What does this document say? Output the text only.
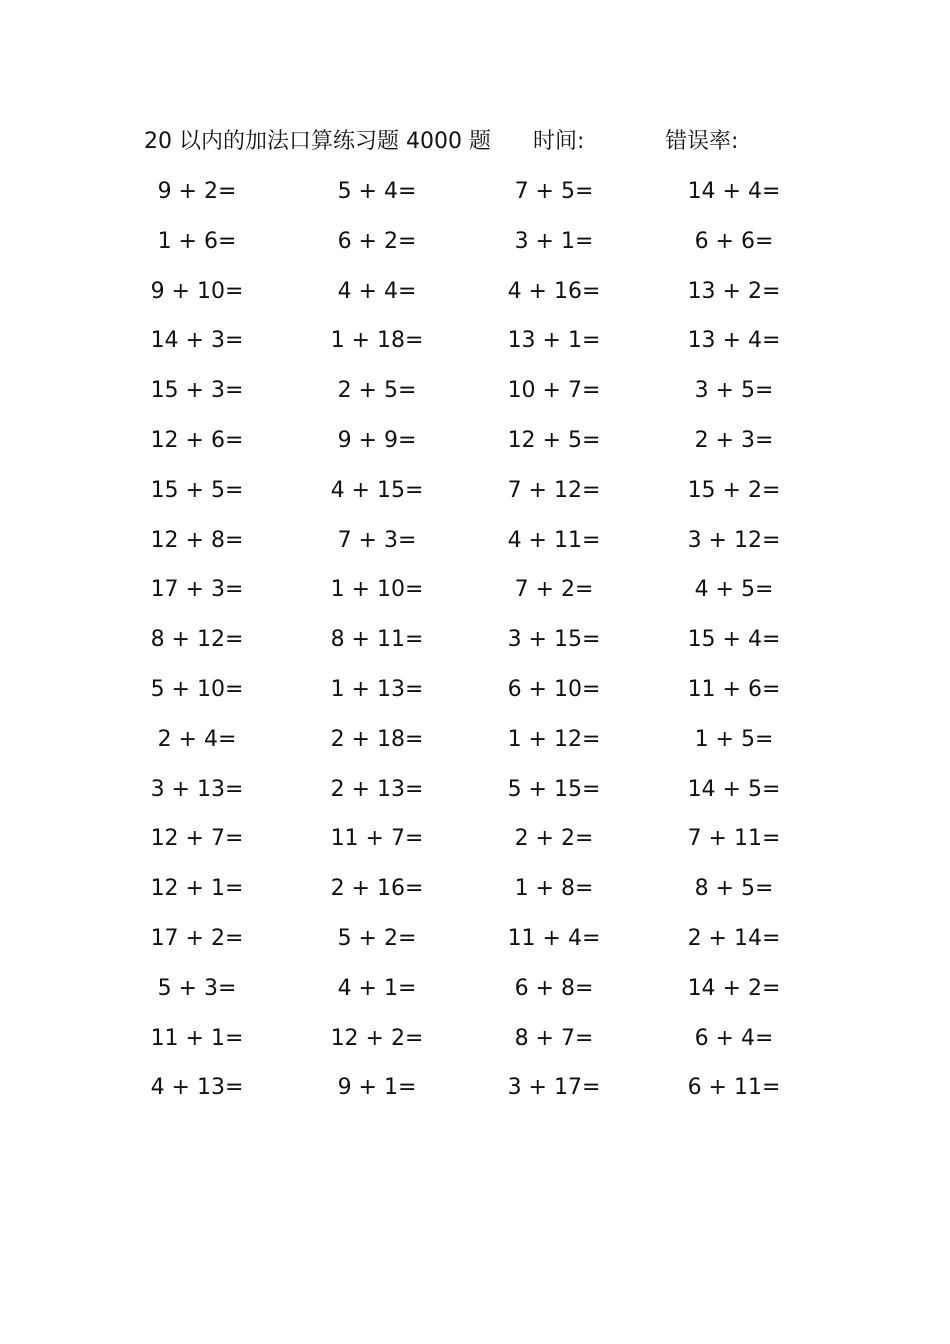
20 以内的加法口算练习题 4000 题 时间:	错误率:
9 + 2=	5 + 4=	7 + 5=	14 + 4=
1 + 6=	6 + 2=	3 + 1=	6 + 6=
9 + 10=	4 + 4=	4 + 16=	13 + 2=
14 + 3=	1 + 18=	13 + 1=	13 + 4=
15 + 3=	2 + 5=	10 + 7=	3 + 5=
12 + 6=	9 + 9=	12 + 5=	2 + 3=
15 + 5=	4 + 15=	7 + 12=	15 + 2=
12 + 8=	7 + 3=	4 + 11=	3 + 12=
17 + 3=	1 + 10=	7 + 2=	4 + 5=
8 + 12=	8 + 11=	3 + 15=	15 + 4=
5 + 10=	1 + 13=	6 + 10=	11 + 6=
2 + 4=	2 + 18=	1 + 12=	1 + 5=
3 + 13=	2 + 13=	5 + 15=	14 + 5=
12 + 7=	11 + 7=	2 + 2=	7 + 11=
12 + 1=	2 + 16=	1 + 8=	8 + 5=
17 + 2=	5 + 2=	11 + 4=	2 + 14=
5 + 3=	4 + 1=	6 + 8=	14 + 2=
11 + 1=	12 + 2=	8 + 7=	6 + 4=
4 + 13=	9 + 1=	3 + 17=	6 + 11=
